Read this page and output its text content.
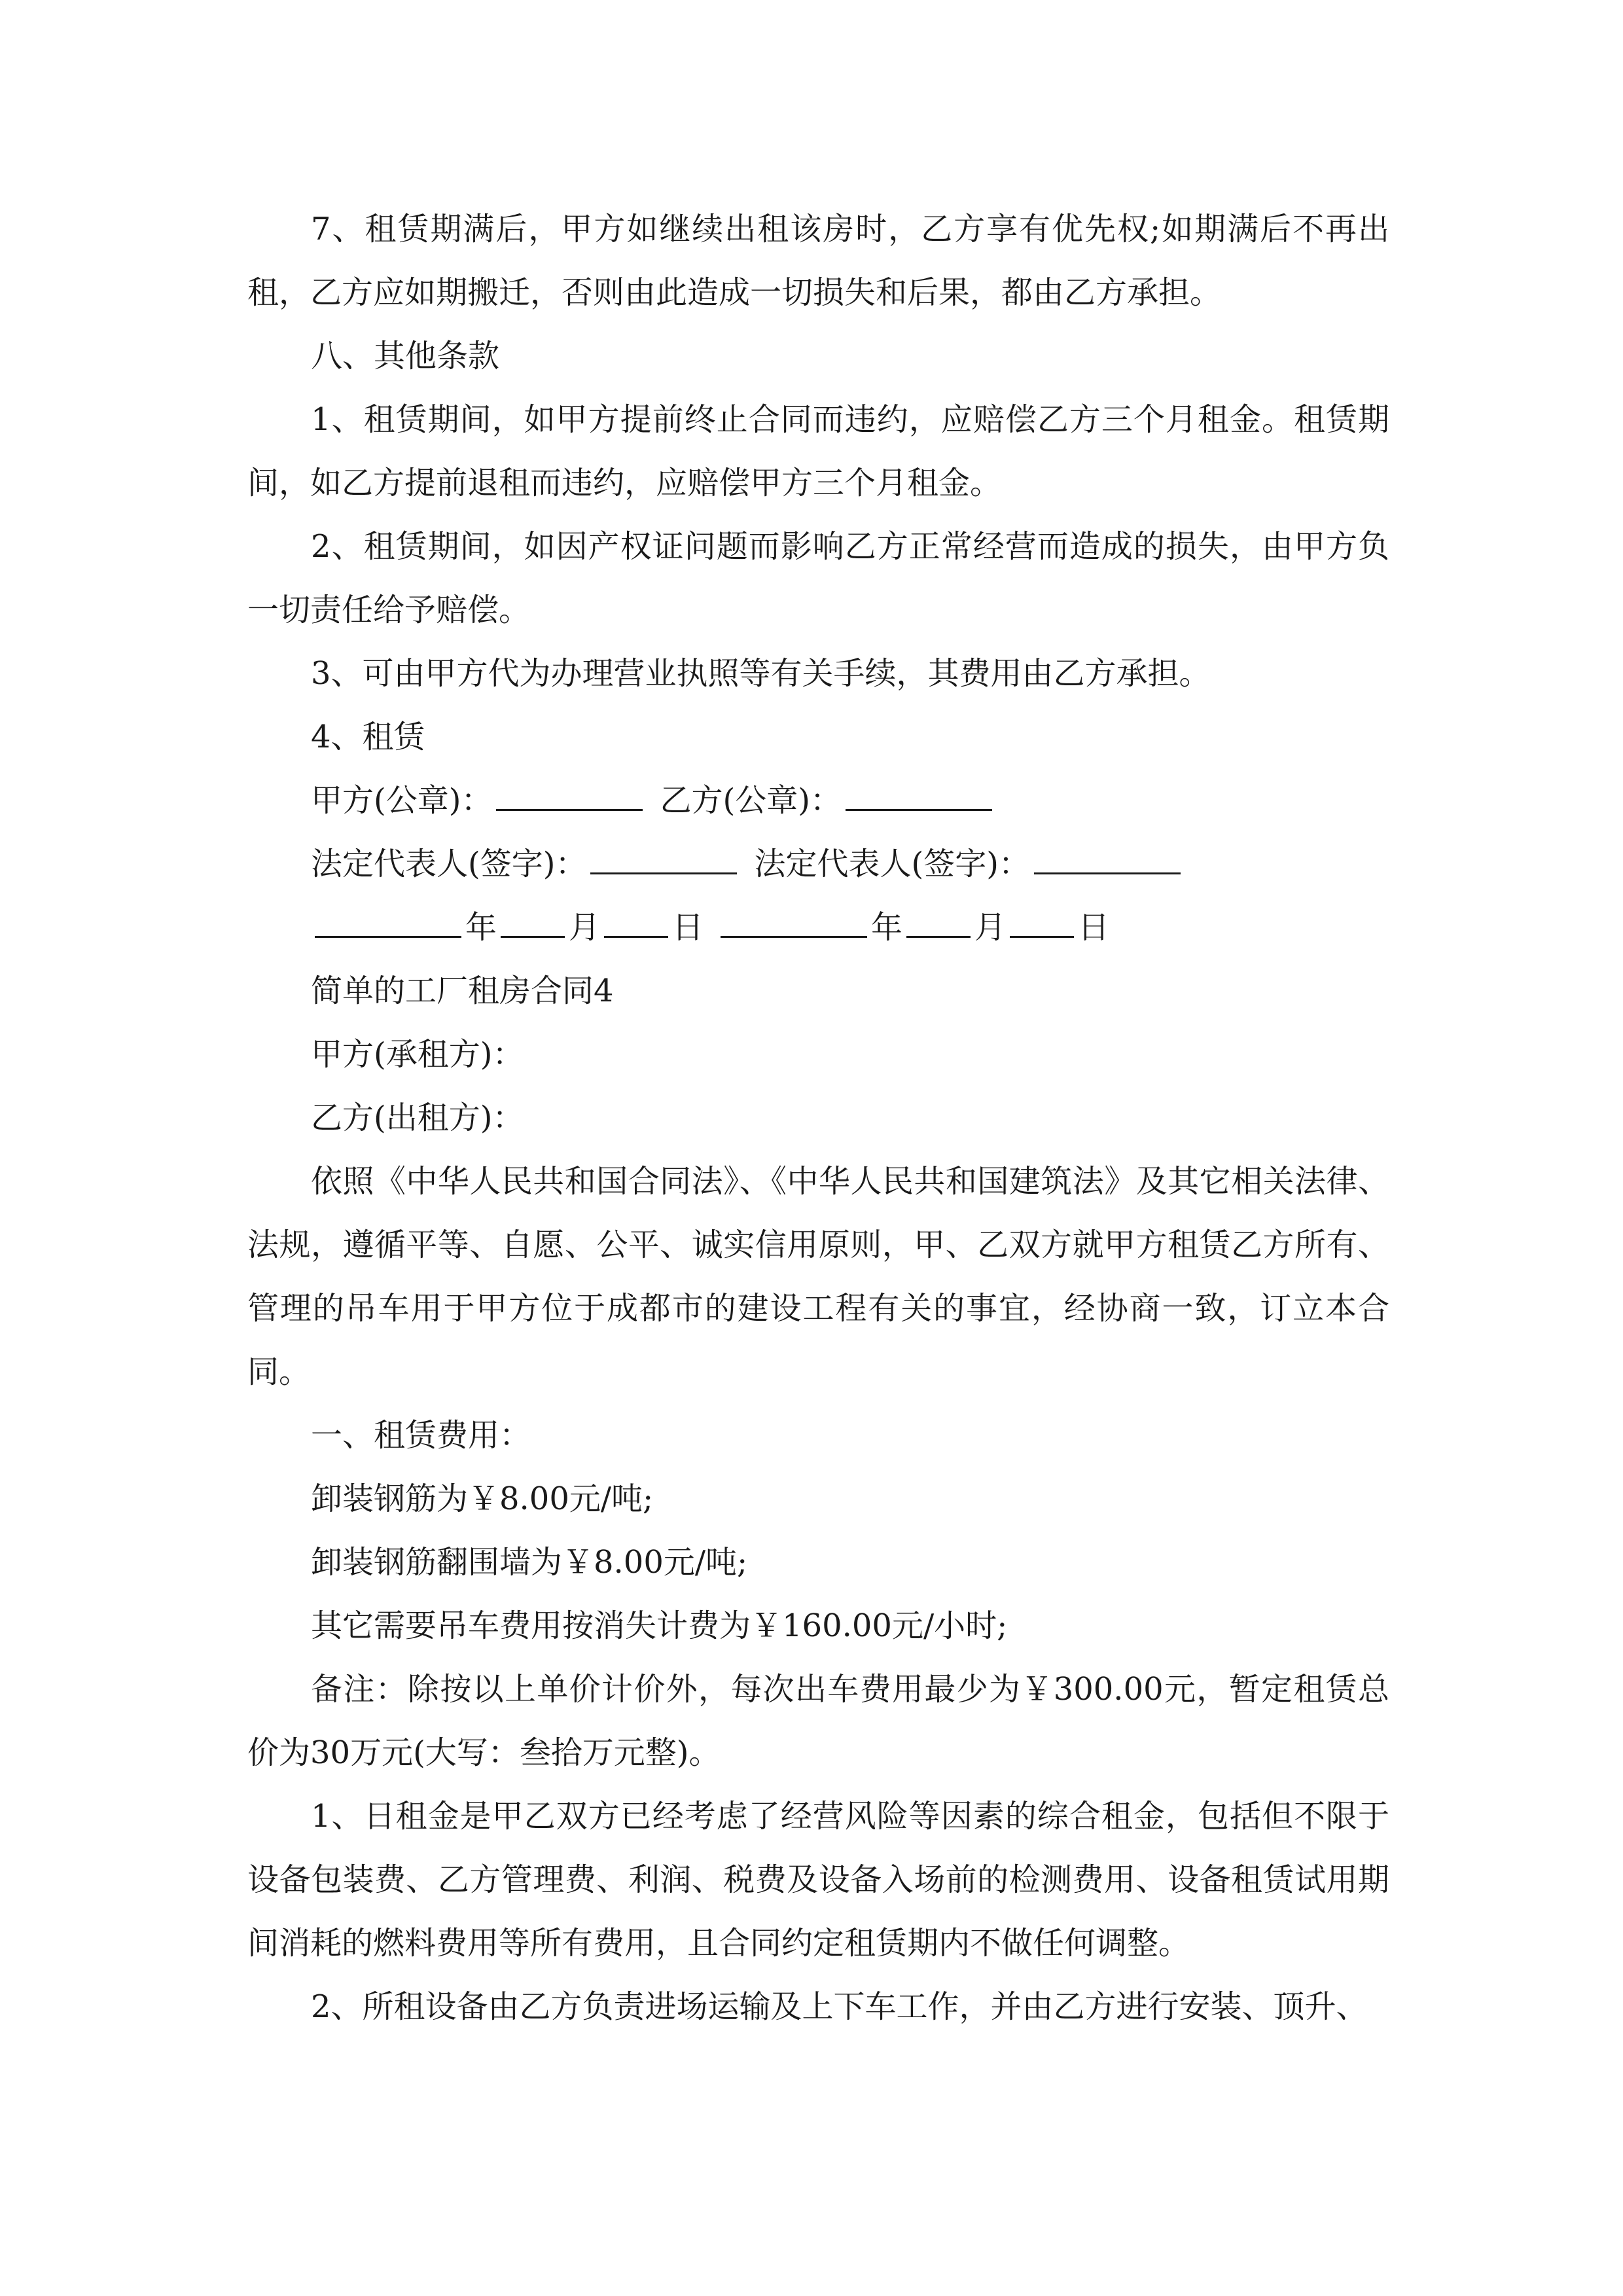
7、租赁期满后，甲方如继续出租该房时，乙方享有优先权;如期满后不再出租，乙方应如期搬迁，否则由此造成一切损失和后果，都由乙方承担。

八、其他条款

1、租赁期间，如甲方提前终止合同而违约，应赔偿乙方三个月租金。租赁期间，如乙方提前退租而违约，应赔偿甲方三个月租金。

2、租赁期间，如因产权证问题而影响乙方正常经营而造成的损失，由甲方负一切责任给予赔偿。

3、可由甲方代为办理营业执照等有关手续，其费用由乙方承担。

4、租赁

甲方(公章)：	乙方(公章)：
法定代表人(签字)：	法定代表人(签字)：
年 月 日	年 月 日

简单的工厂租房合同4

甲方(承租方)：

乙方(出租方)：

依照《中华人民共和国合同法》、《中华人民共和国建筑法》及其它相关法律、法规，遵循平等、自愿、公平、诚实信用原则，甲、乙双方就甲方租赁乙方所有、管理的吊车用于甲方位于成都市的建设工程有关的事宜，经协商一致，订立本合同。

一、租赁费用：

卸装钢筋为￥8.00元/吨;

卸装钢筋翻围墙为￥8.00元/吨;

其它需要吊车费用按消失计费为￥160.00元/小时;

备注：除按以上单价计价外，每次出车费用最少为￥300.00元，暂定租赁总价为30万元(大写：叁拾万元整)。

1、日租金是甲乙双方已经考虑了经营风险等因素的综合租金，包括但不限于设备包装费、乙方管理费、利润、税费及设备入场前的检测费用、设备租赁试用期间消耗的燃料费用等所有费用，且合同约定租赁期内不做任何调整。

2、所租设备由乙方负责进场运输及上下车工作，并由乙方进行安装、顶升、
